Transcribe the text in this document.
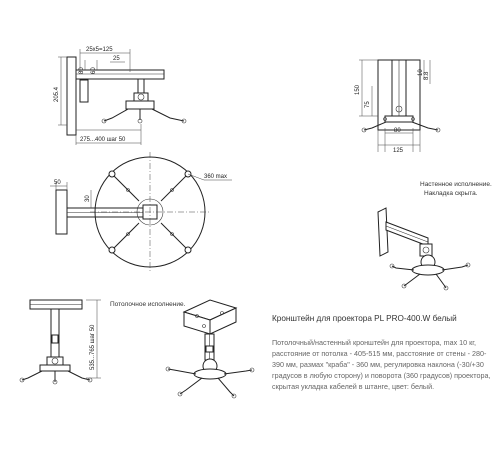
25x5=125
80 60
25
205.4
275...400 шаг 50
150
75
10 8.8
80
125
50
30
360 max
Настенное исполнение.
Накладка скрыта.
535...765 шаг 50
Потолочное исполнение.

Кронштейн для проектора PL PRO-400.W белый

Потолочный/настенный кронштейн для проектора, max 10 кг, расстояние от потолка - 405-515 мм, расстояние от стены - 280-390 мм, размах "краба" - 360 мм, регулировка наклона (-30/+30 градусов в любую сторону) и поворота (360 градусов) проектора, скрытая укладка кабелей в штанге, цвет: белый.
